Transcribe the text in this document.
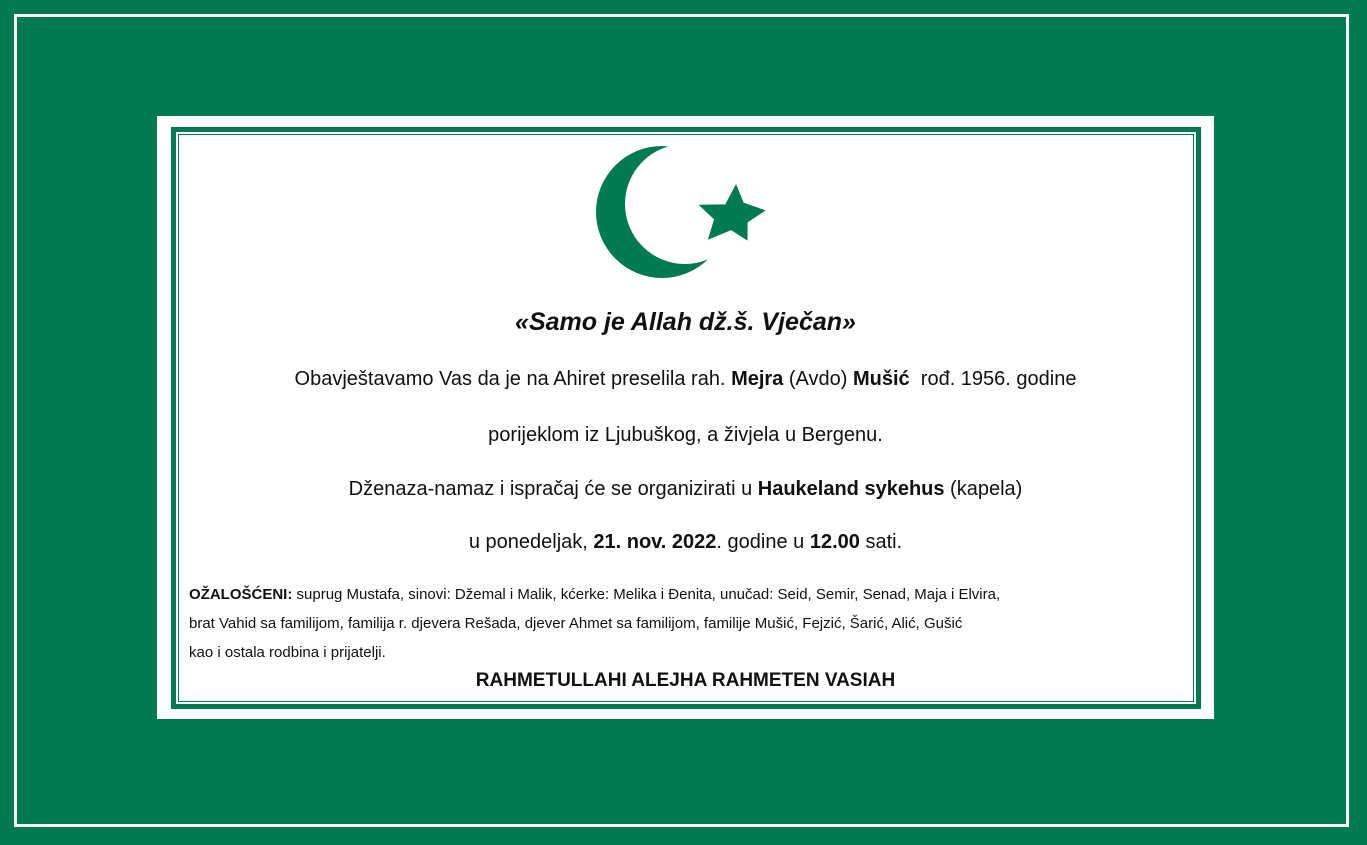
«Samo je Allah dž.š. Vječan»
Obavještavamo Vas da je na Ahiret preselila rah. Mejra (Avdo) Mušić  rođ. 1956. godine
porijeklom iz Ljubuškog, a živjela u Bergenu.
Dženaza-namaz i ispračaj će se organizirati u Haukeland sykehus (kapela)
u ponedeljak, 21. nov. 2022. godine u 12.00 sati.
OŽALOŠĆENI: suprug Mustafa, sinovi: Džemal i Malik, kćerke: Melika i Đenita, unučad: Seid, Semir, Senad, Maja i Elvira,
brat Vahid sa familijom, familija r. djevera Rešada, djever Ahmet sa familijom, familije Mušić, Fejzić, Šarić, Alić, Gušić
kao i ostala rodbina i prijatelji.
RAHMETULLAHI ALEJHA RAHMETEN VASIAH
